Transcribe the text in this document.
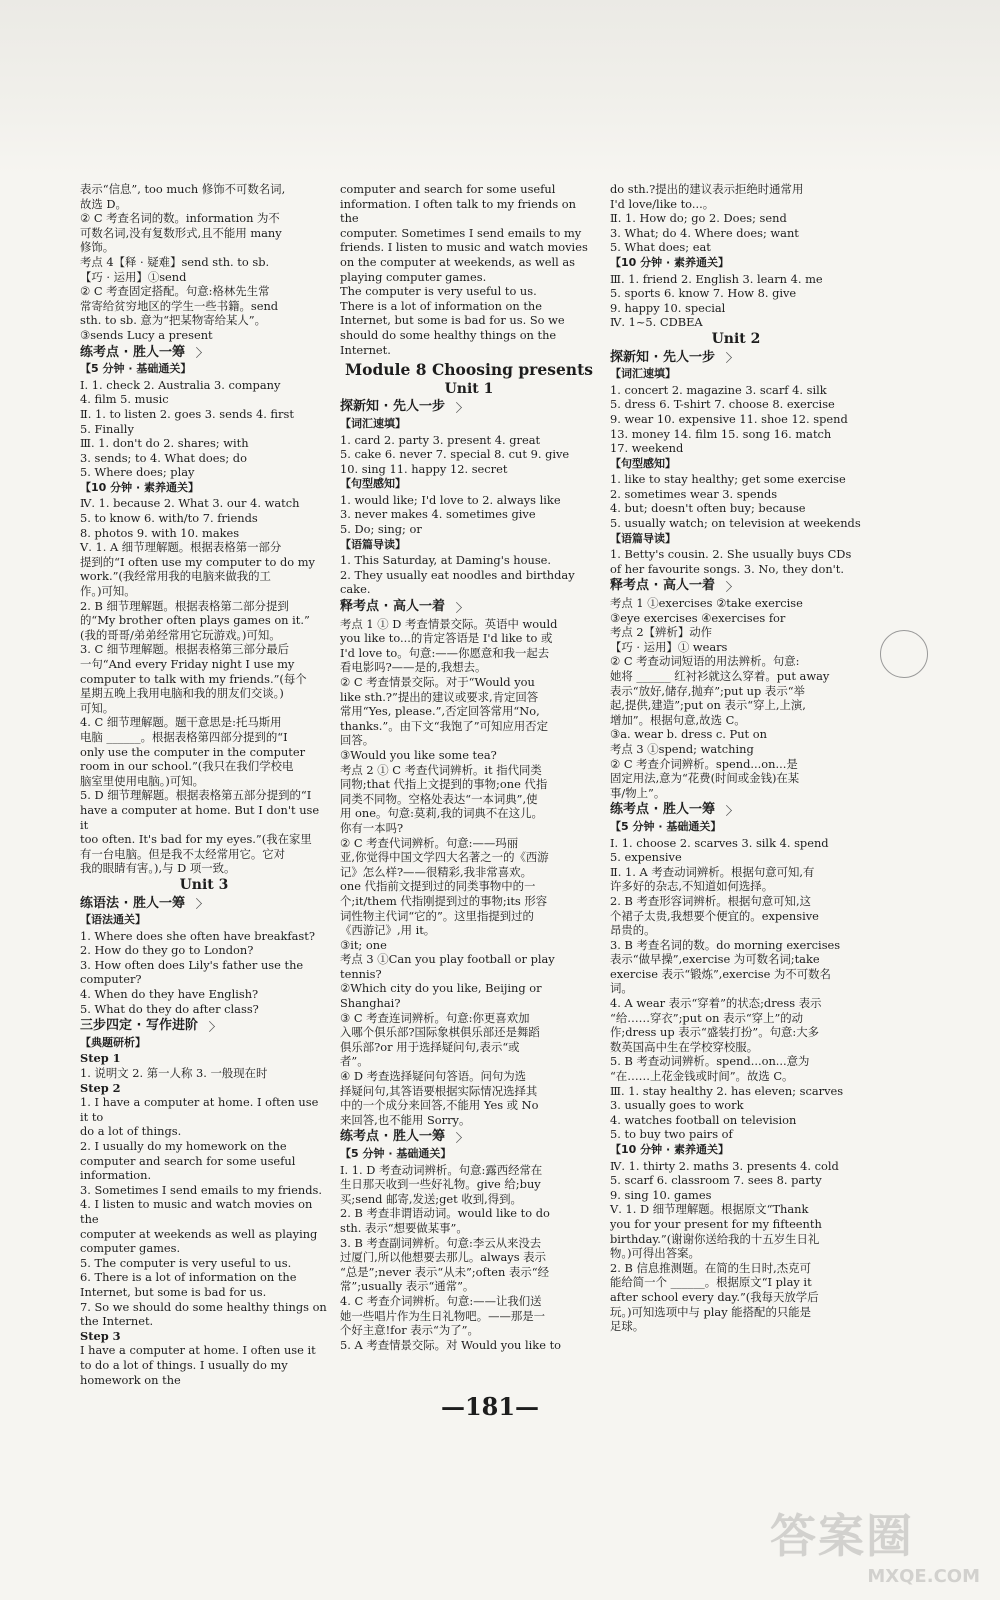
表示“信息”, too much 修饰不可数名词,
故选 D。
② C 考查名词的数。information 为不
可数名词,没有复数形式,且不能用 many
修饰。
考点 4【释 · 疑难】send sth. to sb.
【巧 · 运用】①send
② C 考查固定搭配。句意:格林先生常
常寄给贫穷地区的学生一些书籍。send
sth. to sb. 意为“把某物寄给某人”。
③sends Lucy a present
练考点 · 胜人一筹
【5 分钟 · 基础通关】
Ⅰ. 1. check 2. Australia 3. company
4. film 5. music
Ⅱ. 1. to listen 2. goes 3. sends 4. first
5. Finally
Ⅲ. 1. don't do 2. shares; with
3. sends; to 4. What does; do
5. Where does; play
【10 分钟 · 素养通关】
Ⅳ. 1. because 2. What 3. our 4. watch
5. to know 6. with/to 7. friends
8. photos 9. with 10. makes
Ⅴ. 1. A 细节理解题。根据表格第一部分
提到的“I often use my computer to do my
work.”(我经常用我的电脑来做我的工
作。)可知。
2. B 细节理解题。根据表格第二部分提到
的“My brother often plays games on it.”
(我的哥哥/弟弟经常用它玩游戏。)可知。
3. C 细节理解题。根据表格第三部分最后
一句“And every Friday night I use my
computer to talk with my friends.”(每个
星期五晚上我用电脑和我的朋友们交谈。)
可知。
4. C 细节理解题。题干意思是:托马斯用
电脑 ______。根据表格第四部分提到的“I
only use the computer in the computer
room in our school.”(我只在我们学校电
脑室里使用电脑。)可知。
5. D 细节理解题。根据表格第五部分提到的“I
have a computer at home. But I don't use it
too often. It's bad for my eyes.”(我在家里
有一台电脑。但是我不太经常用它。它对
我的眼睛有害。),与 D 项一致。
Unit 3
练语法 · 胜人一筹
【语法通关】
1. Where does she often have breakfast?
2. How do they go to London?
3. How often does Lily's father use the
computer?
4. When do they have English?
5. What do they do after class?
三步四定 · 写作进阶
【典题研析】
Step 1
1. 说明文 2. 第一人称 3. 一般现在时
Step 2
1. I have a computer at home. I often use it to
do a lot of things.
2. I usually do my homework on the
computer and search for some useful
information.
3. Sometimes I send emails to my friends.
4. I listen to music and watch movies on the
computer at weekends as well as playing
computer games.
5. The computer is very useful to us.
6. There is a lot of information on the
Internet, but some is bad for us.
7. So we should do some healthy things on
the Internet.
Step 3
I have a computer at home. I often use it
to do a lot of things. I usually do my homework on the
computer and search for some useful
information. I often talk to my friends on the
computer. Sometimes I send emails to my
friends. I listen to music and watch movies
on the computer at weekends, as well as
playing computer games.
The computer is very useful to us.
There is a lot of information on the
Internet, but some is bad for us. So we
should do some healthy things on the
Internet.
Module 8 Choosing presents
Unit 1
探新知 · 先人一步
【词汇速填】
1. card 2. party 3. present 4. great
5. cake 6. never 7. special 8. cut 9. give
10. sing 11. happy 12. secret
【句型感知】
1. would like; I'd love to 2. always like
3. never makes 4. sometimes give
5. Do; sing; or
【语篇导读】
1. This Saturday, at Daming's house.
2. They usually eat noodles and birthday
cake.
释考点 · 高人一着
考点 1 ① D 考查情景交际。英语中 would
you like to...的肯定答语是 I'd like to 或
I'd love to。句意:——你愿意和我一起去
看电影吗?——是的,我想去。
② C 考查情景交际。对于“Would you
like sth.?”提出的建议或要求,肯定回答
常用“Yes, please.”,否定回答常用“No,
thanks.”。由下文“我饱了”可知应用否定
回答。
③Would you like some tea?
考点 2 ① C 考查代词辨析。it 指代同类
同物;that 代指上文提到的事物;one 代指
同类不同物。空格处表达“一本词典”,使
用 one。句意:莫莉,我的词典不在这儿。
你有一本吗?
② C 考查代词辨析。句意:——玛丽
亚,你觉得中国文学四大名著之一的《西游
记》怎么样?——很精彩,我非常喜欢。
one 代指前文提到过的同类事物中的一
个;it/them 代指刚提到过的事物;its 形容
词性物主代词“它的”。这里指提到过的
《西游记》,用 it。
③it; one
考点 3 ①Can you play football or play
tennis?
②Which city do you like, Beijing or
Shanghai?
③ C 考查连词辨析。句意:你更喜欢加
入哪个俱乐部?国际象棋俱乐部还是舞蹈
俱乐部?or 用于选择疑问句,表示“或
者”。
④ D 考查选择疑问句答语。问句为选
择疑问句,其答语要根据实际情况选择其
中的一个成分来回答,不能用 Yes 或 No
来回答,也不能用 Sorry。
练考点 · 胜人一筹
【5 分钟 · 基础通关】
Ⅰ. 1. D 考查动词辨析。句意:露西经常在
生日那天收到一些好礼物。give 给;buy
买;send 邮寄,发送;get 收到,得到。
2. B 考查非谓语动词。would like to do
sth. 表示“想要做某事”。
3. B 考查副词辨析。句意:李云从来没去
过厦门,所以他想要去那儿。always 表示
“总是”;never 表示“从未”;often 表示“经
常”;usually 表示“通常”。
4. C 考查介词辨析。句意:——让我们送
她一些唱片作为生日礼物吧。——那是一
个好主意!for 表示“为了”。
5. A 考查情景交际。对 Would you like to
do sth.?提出的建议表示拒绝时通常用
I'd love/like to...。
Ⅱ. 1. How do; go 2. Does; send
3. What; do 4. Where does; want
5. What does; eat
【10 分钟 · 素养通关】
Ⅲ. 1. friend 2. English 3. learn 4. me
5. sports 6. know 7. How 8. give
9. happy 10. special
Ⅳ. 1~5. CDBEA
Unit 2
探新知 · 先人一步
【词汇速填】
1. concert 2. magazine 3. scarf 4. silk
5. dress 6. T-shirt 7. choose 8. exercise
9. wear 10. expensive 11. shoe 12. spend
13. money 14. film 15. song 16. match
17. weekend
【句型感知】
1. like to stay healthy; get some exercise
2. sometimes wear 3. spends
4. but; doesn't often buy; because
5. usually watch; on television at weekends
【语篇导读】
1. Betty's cousin. 2. She usually buys CDs
of her favourite songs. 3. No, they don't.
释考点 · 高人一着
考点 1 ①exercises ②take exercise
③eye exercises ④exercises for
考点 2【辨析】动作
【巧 · 运用】① wears
② C 考查动词短语的用法辨析。句意:
她将 ______ 红衬衫就这么穿着。put away
表示“放好,储存,抛弃”;put up 表示“举
起,提供,建造”;put on 表示“穿上,上演,
增加”。根据句意,故选 C。
③a. wear b. dress c. Put on
考点 3 ①spend; watching
② C 考查介词辨析。spend...on...是
固定用法,意为“花费(时间或金钱)在某
事/物上”。
练考点 · 胜人一筹
【5 分钟 · 基础通关】
Ⅰ. 1. choose 2. scarves 3. silk 4. spend
5. expensive
Ⅱ. 1. A 考查动词辨析。根据句意可知,有
许多好的杂志,不知道如何选择。
2. B 考查形容词辨析。根据句意可知,这
个裙子太贵,我想要个便宜的。expensive
昂贵的。
3. B 考查名词的数。do morning exercises
表示“做早操”,exercise 为可数名词;take
exercise 表示“锻炼”,exercise 为不可数名
词。
4. A wear 表示“穿着”的状态;dress 表示
“给……穿衣”;put on 表示“穿上”的动
作;dress up 表示“盛装打扮”。句意:大多
数英国高中生在学校穿校服。
5. B 考查动词辨析。spend...on...意为
“在……上花金钱或时间”。故选 C。
Ⅲ. 1. stay healthy 2. has eleven; scarves
3. usually goes to work
4. watches football on television
5. to buy two pairs of
【10 分钟 · 素养通关】
Ⅳ. 1. thirty 2. maths 3. presents 4. cold
5. scarf 6. classroom 7. sees 8. party
9. sing 10. games
Ⅴ. 1. D 细节理解题。根据原文“Thank
you for your present for my fifteenth
birthday.”(谢谢你送给我的十五岁生日礼
物。)可得出答案。
2. B 信息推测题。在简的生日时,杰克可
能给简一个 ______。根据原文“I play it
after school every day.”(我每天放学后
玩。)可知选项中与 play 能搭配的只能是
足球。
—181—
答案圈
MXQE.COM
